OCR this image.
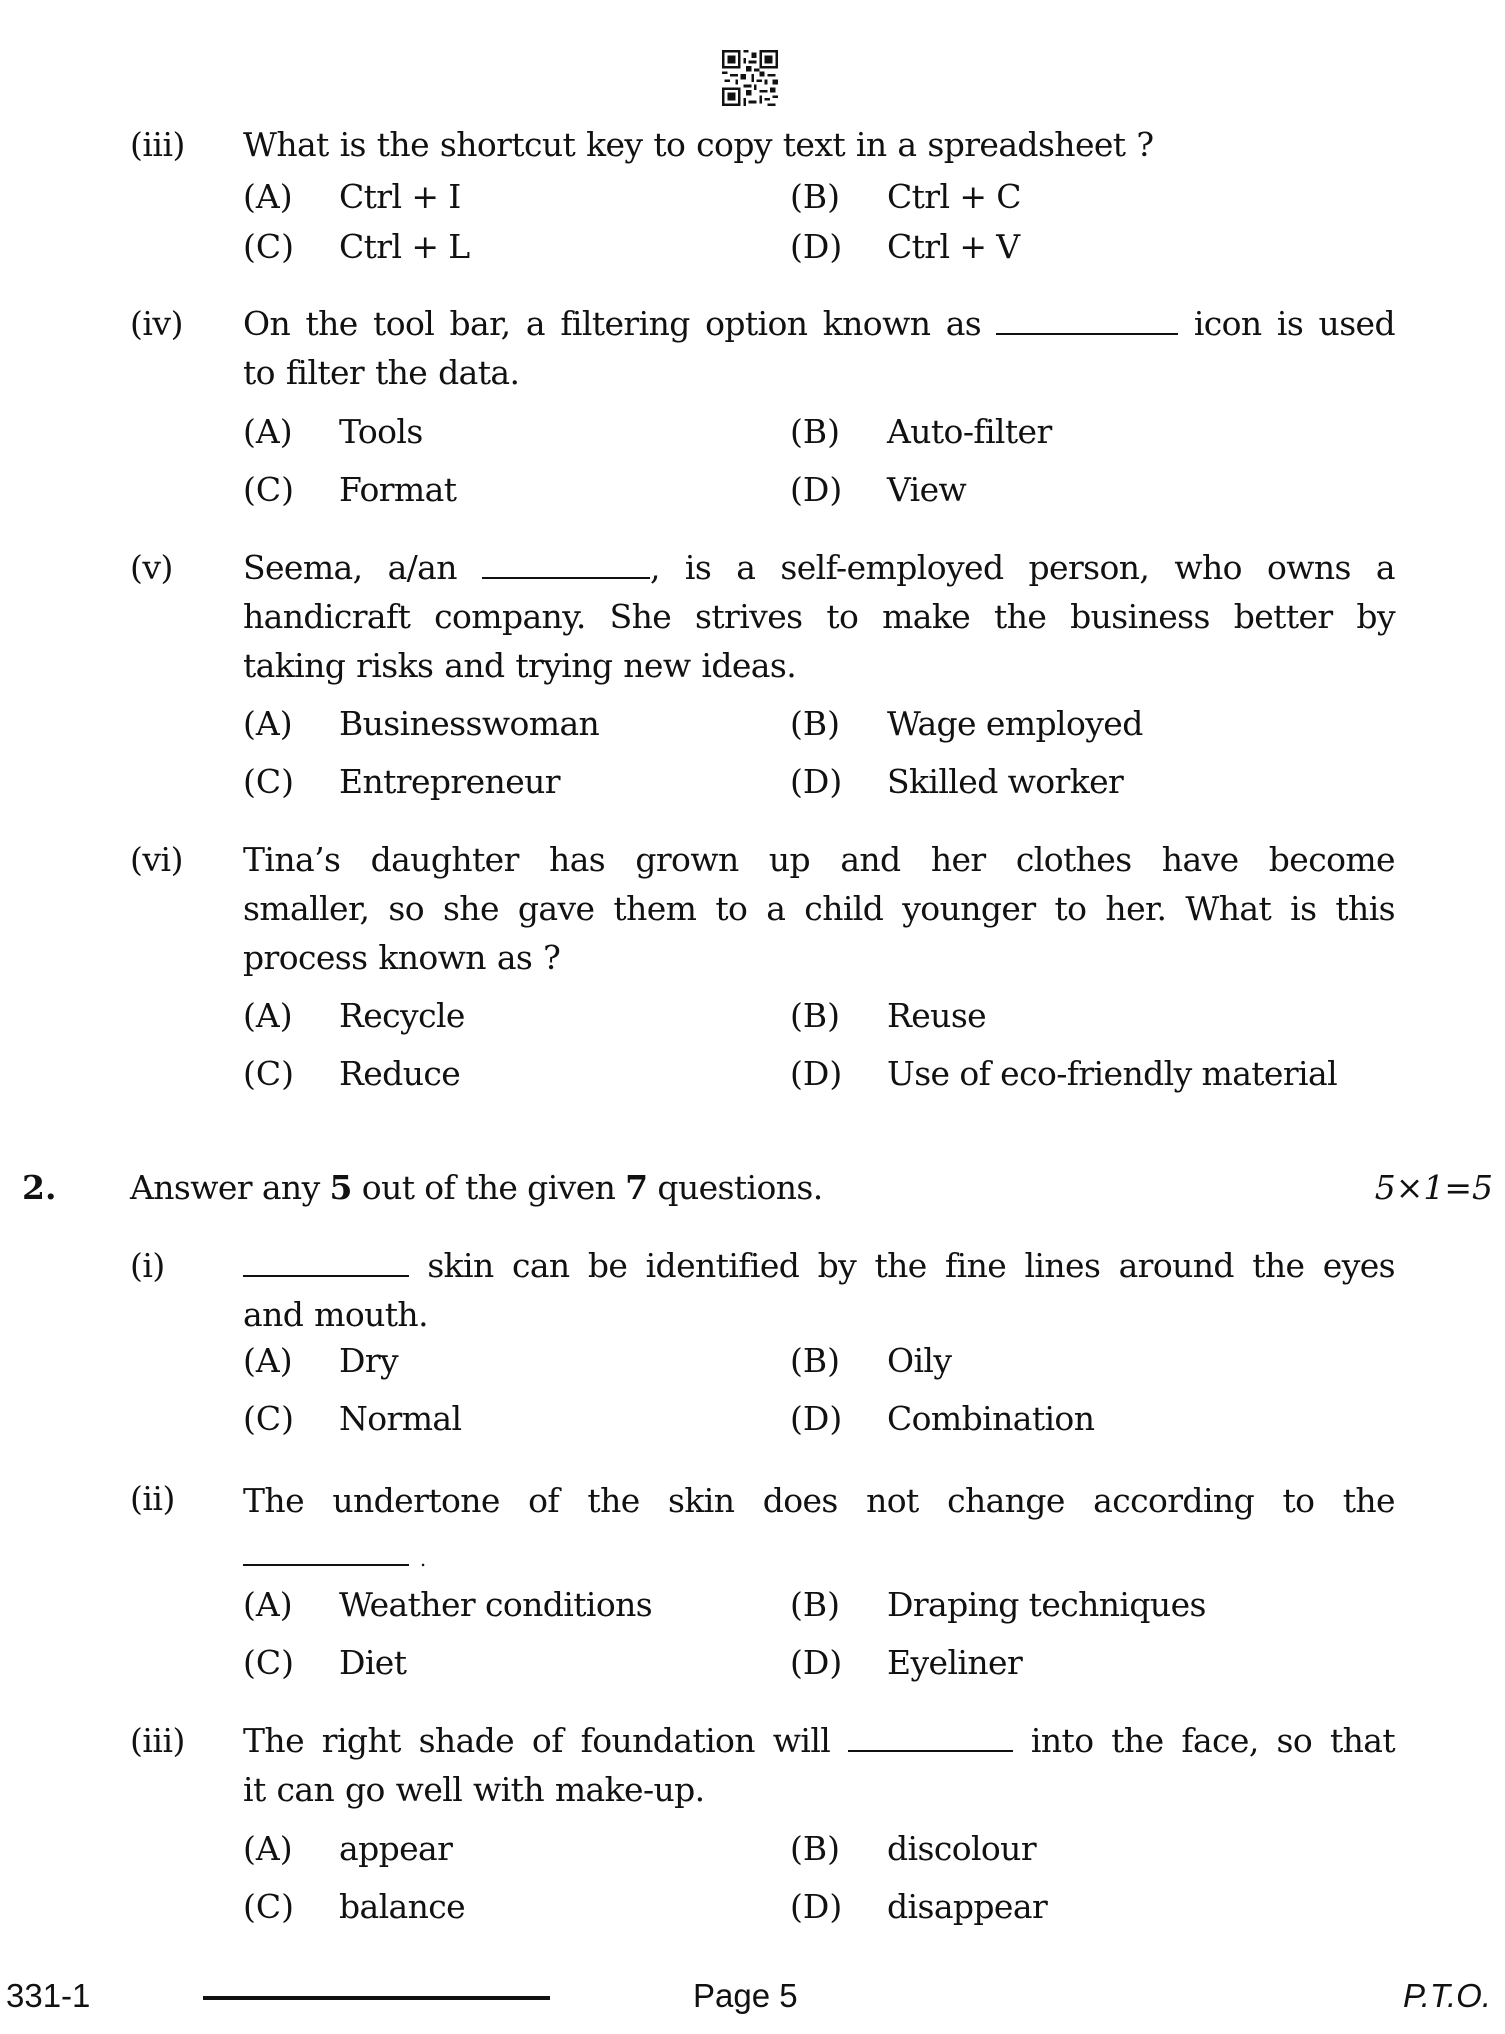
(iii) What is the shortcut key to copy text in a spreadsheet ?
(A) Ctrl + I	(B) Ctrl + C
(C) Ctrl + L	(D) Ctrl + V
(iv) On the tool bar, a filtering option known as	icon is used
to filter the data.
(A) Tools	(B) Auto-filter
(C) Format	(D) View
(v) Seema, a/an	, is a self-employed person, who owns a
handicraft company. She strives to make the business better by
taking risks and trying new ideas.
(A) Businesswoman	(B) Wage employed
(C) Entrepreneur	(D) Skilled worker
(vi) Tina’s daughter has grown up and her clothes have become
smaller, so she gave them to a child younger to her. What is this
process known as ?
(A) Recycle	(B) Reuse
(C) Reduce	(D) Use of eco-friendly material
2. Answer any 5 out of the given 7 questions.	5×1=5
(i)	skin can be identified by the fine lines around the eyes
and mouth.
(A) Dry	(B) Oily
(C) Normal	(D) Combination
(ii) The undertone of the skin does not change according to the
.
(A) Weather conditions	(B) Draping techniques
(C) Diet	(D) Eyeliner
(iii) The right shade of foundation will	into the face, so that
it can go well with make-up.
(A) appear	(B) discolour
(C) balance	(D) disappear
331-1	Page 5	P.T.O.
